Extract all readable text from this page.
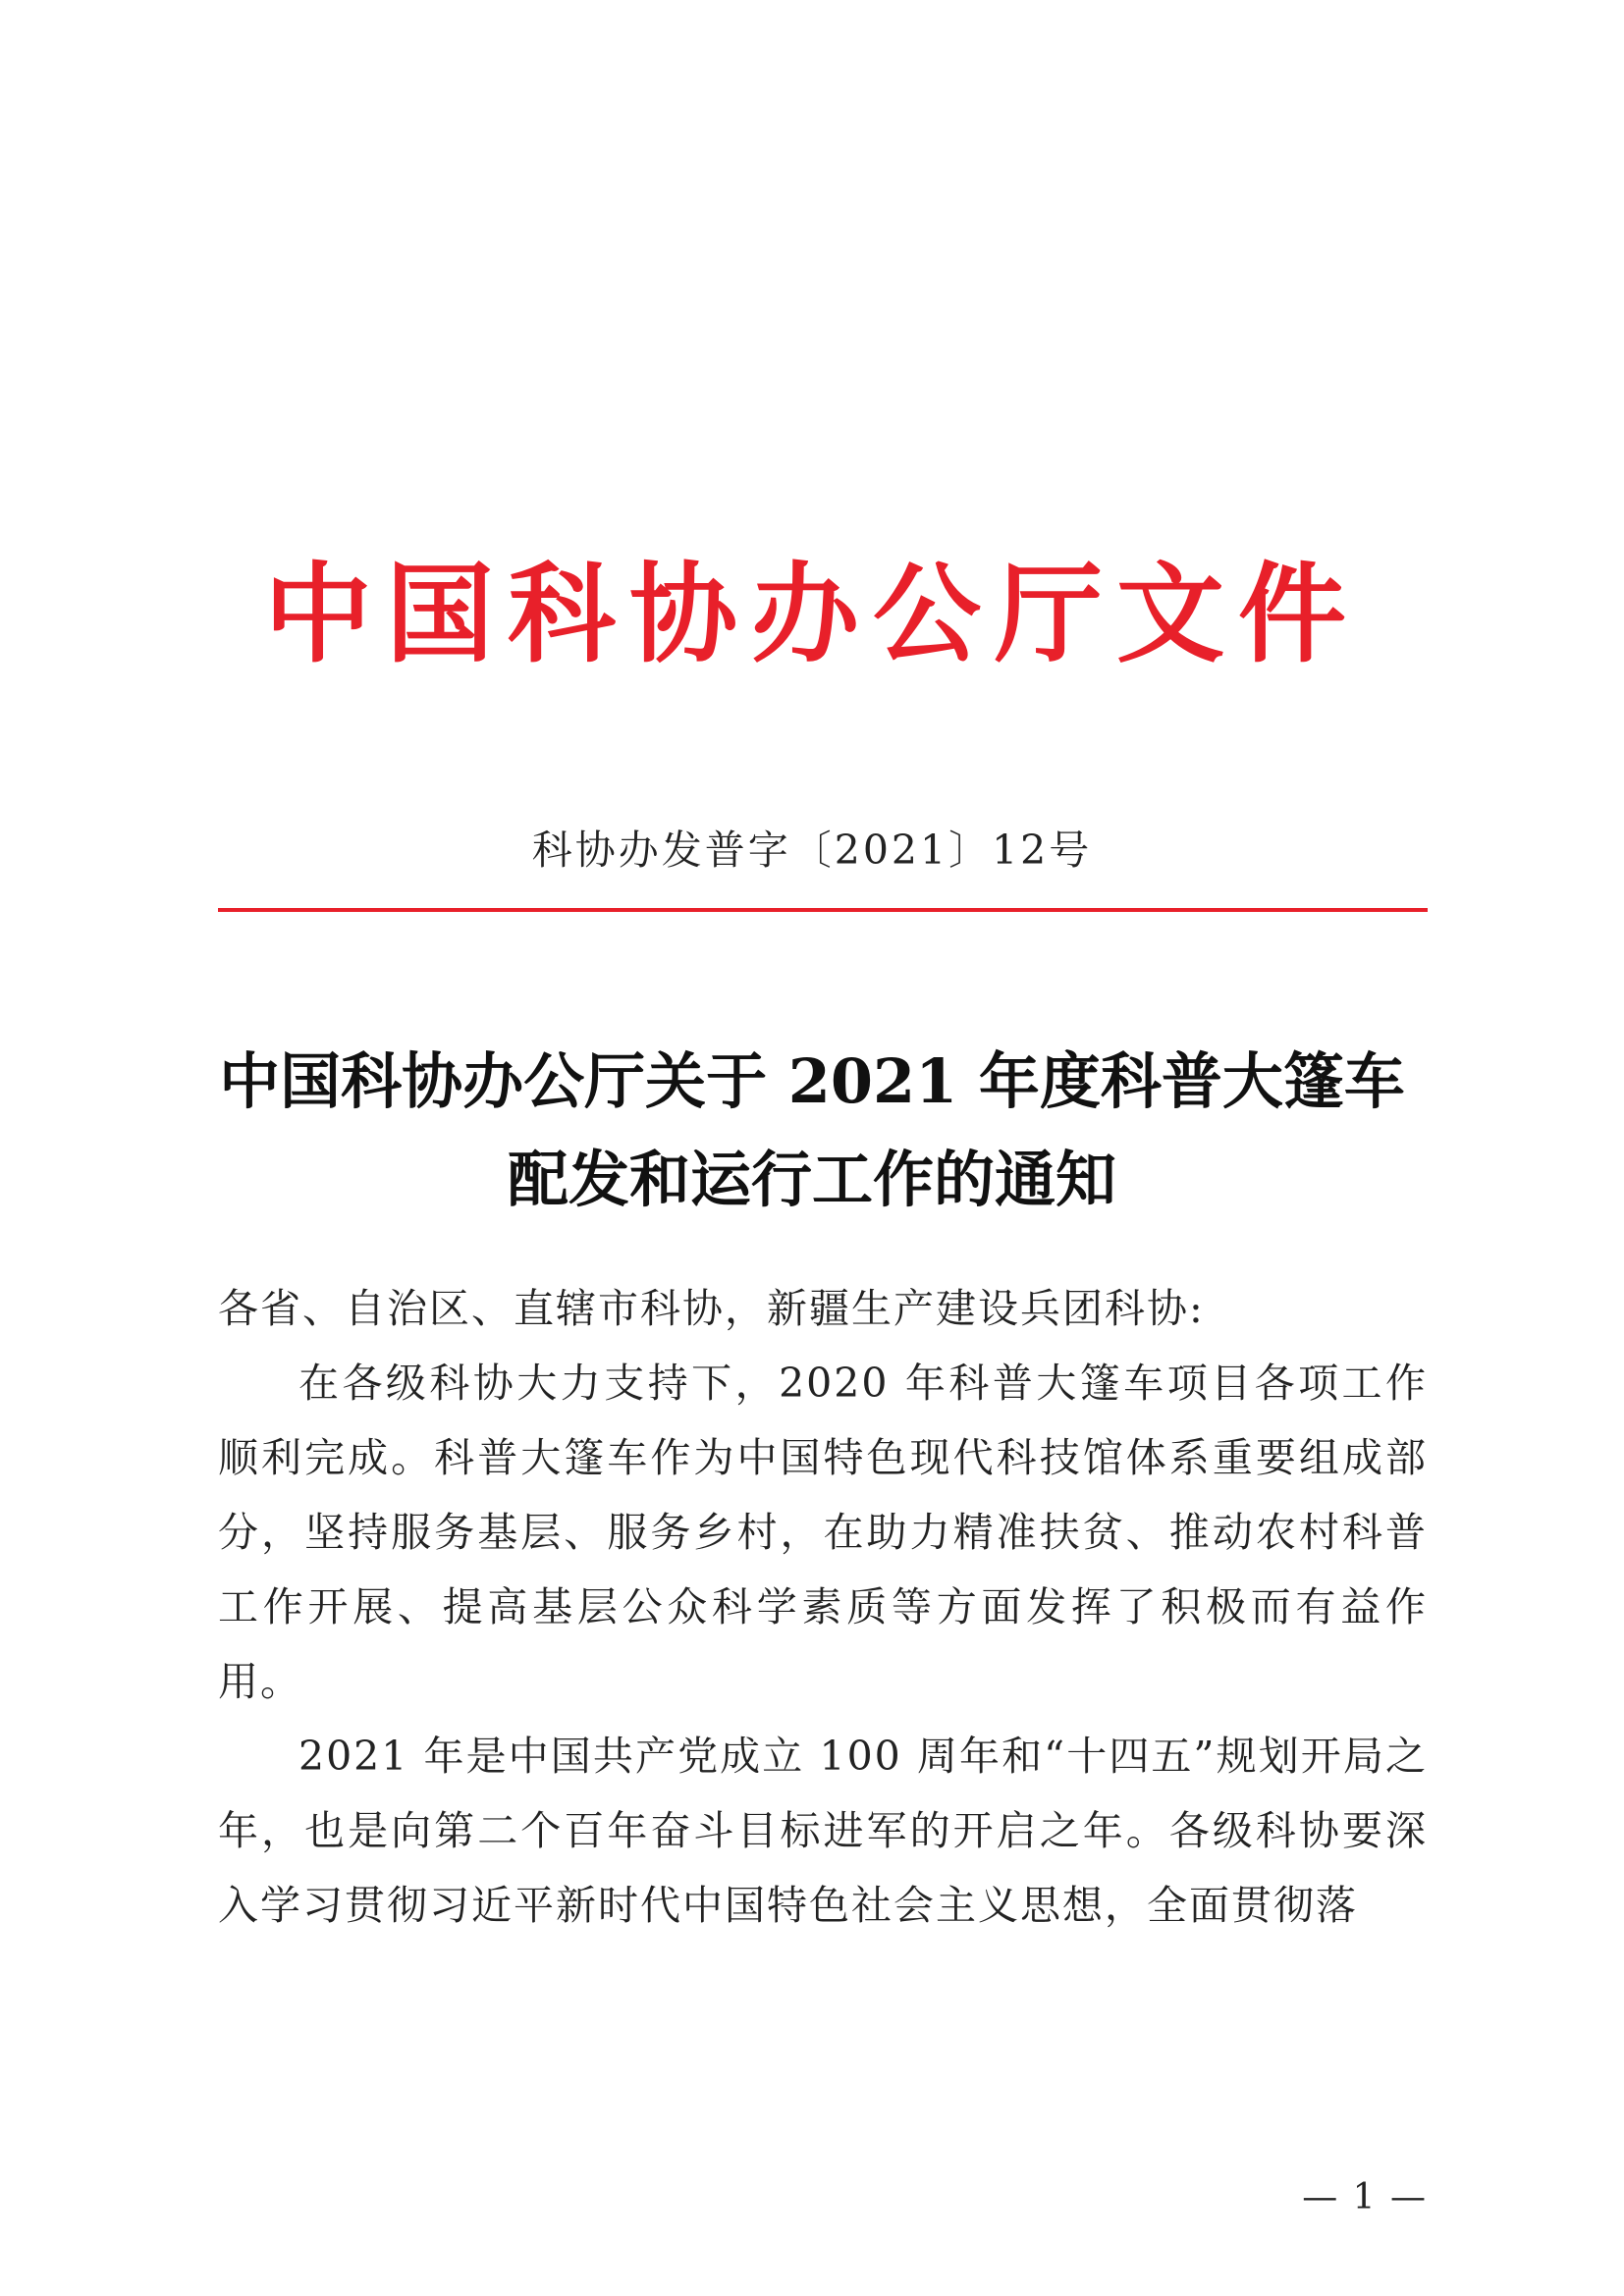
中国科协办公厅文件
科协办发普字〔2021〕12号
中国科协办公厅关于 2021 年度科普大篷车
配发和运行工作的通知

各省、自治区、直辖市科协，新疆生产建设兵团科协:

在各级科协大力支持下，2020 年科普大篷车项目各项工作顺利完成。科普大篷车作为中国特色现代科技馆体系重要组成部分，坚持服务基层、服务乡村，在助力精准扶贫、推动农村科普工作开展、提高基层公众科学素质等方面发挥了积极而有益作用。

2021 年是中国共产党成立 100 周年和“十四五”规划开局之年，也是向第二个百年奋斗目标进军的开启之年。各级科协要深入学习贯彻习近平新时代中国特色社会主义思想，全面贯彻落

— 1 —
